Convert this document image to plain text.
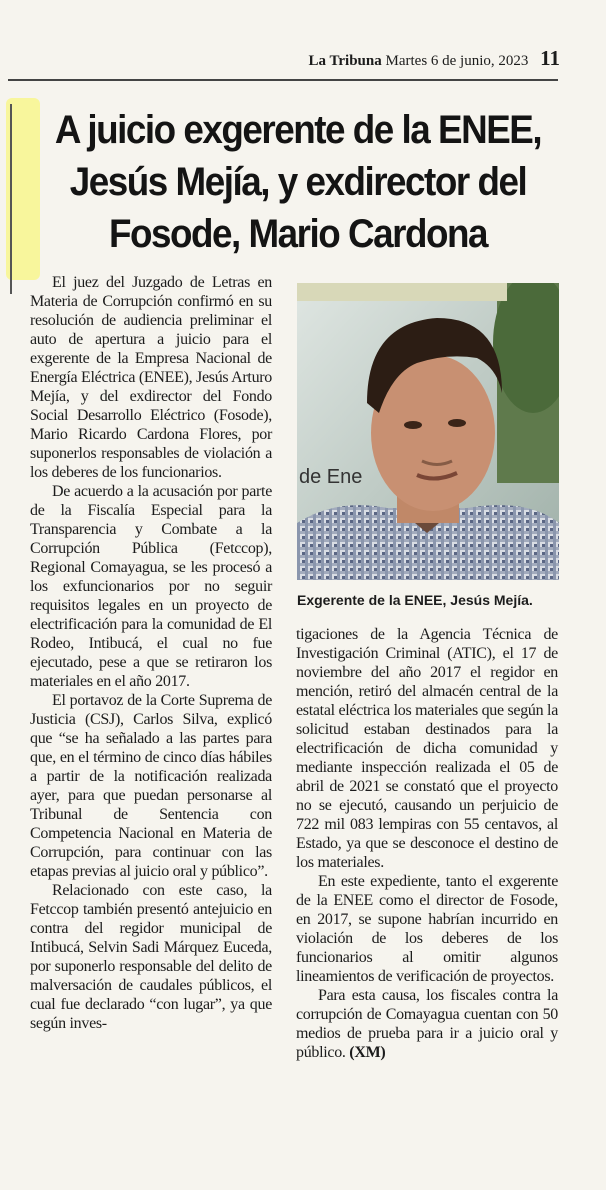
La Tribuna Martes 6 de junio, 2023 11
A juicio exgerente de la ENEE, Jesús Mejía, y exdirector del Fosode, Mario Cardona

El juez del Juzgado de Letras en Materia de Corrupción confirmó en su resolución de audiencia preliminar el auto de apertura a juicio para el exgerente de la Empresa Nacional de Energía Eléctrica (ENEE), Jesús Arturo Mejía, y del exdirector del Fondo Social Desarrollo Eléctrico (Fosode), Mario Ricardo Cardona Flores, por suponerlos responsables de violación a los deberes de los funcionarios.

De acuerdo a la acusación por parte de la Fiscalía Especial para la Transparencia y Combate a la Corrupción Pública (Fetccop), Regional Comayagua, se les procesó a los exfuncionarios por no seguir requisitos legales en un proyecto de electrificación para la comunidad de El Rodeo, Intibucá, el cual no fue ejecutado, pese a que se retiraron los materiales en el año 2017.

El portavoz de la Corte Suprema de Justicia (CSJ), Carlos Silva, explicó que “se ha señalado a las partes para que, en el término de cinco días hábiles a partir de la notificación realizada ayer, para que puedan personarse al Tribunal de Sentencia con Competencia Nacional en Materia de Corrupción, para continuar con las etapas previas al juicio oral y público”.

Relacionado con este caso, la Fetccop también presentó antejuicio en contra del regidor municipal de Intibucá, Selvin Sadi Márquez Euceda, por suponerlo responsable del delito de malversación de caudales públicos, el cual fue declarado “con lugar”, ya que según inves-

de Ene
Exgerente de la ENEE, Jesús Mejía.

tigaciones de la Agencia Técnica de Investigación Criminal (ATIC), el 17 de noviembre del año 2017 el regidor en mención, retiró del almacén central de la estatal eléctrica los materiales que según la solicitud estaban destinados para la electrificación de dicha comunidad y mediante inspección realizada el 05 de abril de 2021 se constató que el proyecto no se ejecutó, causando un perjuicio de 722 mil 083 lempiras con 55 centavos, al Estado, ya que se desconoce el destino de los materiales.

En este expediente, tanto el exgerente de la ENEE como el director de Fosode, en 2017, se supone habrían incurrido en violación de los deberes de los funcionarios al omitir algunos lineamientos de verificación de proyectos.

Para esta causa, los fiscales contra la corrupción de Comayagua cuentan con 50 medios de prueba para ir a juicio oral y público. (XM)
